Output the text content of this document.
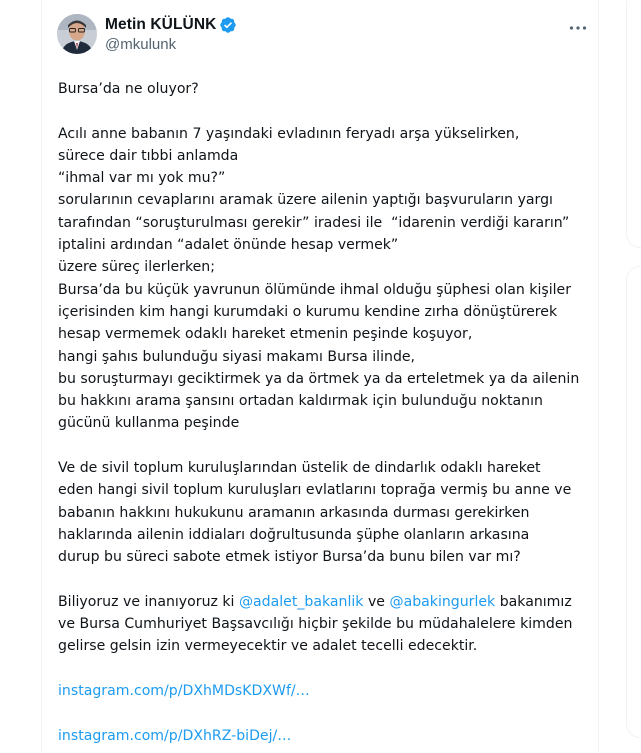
Metin KÜLÜNK
@mkulunk
Bursa’da ne oluyor?
Acılı anne babanın 7 yaşındaki evladının feryadı arşa yükselirken,
sürece dair tıbbi anlamda
“ihmal var mı yok mu?”
sorularının cevaplarını aramak üzere ailenin yaptığı başvuruların yargı
tarafından “soruşturulması gerekir” iradesi ile  “idarenin verdiği kararın”
iptalini ardından “adalet önünde hesap vermek”
üzere süreç ilerlerken;
Bursa’da bu küçük yavrunun ölümünde ihmal olduğu şüphesi olan kişiler
içerisinden kim hangi kurumdaki o kurumu kendine zırha dönüştürerek
hesap vermemek odaklı hareket etmenin peşinde koşuyor,
hangi şahıs bulunduğu siyasi makamı Bursa ilinde,
bu soruşturmayı geciktirmek ya da örtmek ya da erteletmek ya da ailenin
bu hakkını arama şansını ortadan kaldırmak için bulunduğu noktanın
gücünü kullanma peşinde
Ve de sivil toplum kuruluşlarından üstelik de dindarlık odaklı hareket
eden hangi sivil toplum kuruluşları evlatlarını toprağa vermiş bu anne ve
babanın hakkını hukukunu aramanın arkasında durması gerekirken
haklarında ailenin iddiaları doğrultusunda şüphe olanların arkasına
durup bu süreci sabote etmek istiyor Bursa’da bunu bilen var mı?
Biliyoruz ve inanıyoruz ki @adalet_bakanlik ve @abakingurlek bakanımız
ve Bursa Cumhuriyet Başsavcılığı hiçbir şekilde bu müdahalelere kimden
gelirse gelsin izin vermeyecektir ve adalet tecelli edecektir.
instagram.com/p/DXhMDsKDXWf/…
instagram.com/p/DXhRZ-biDej/…
